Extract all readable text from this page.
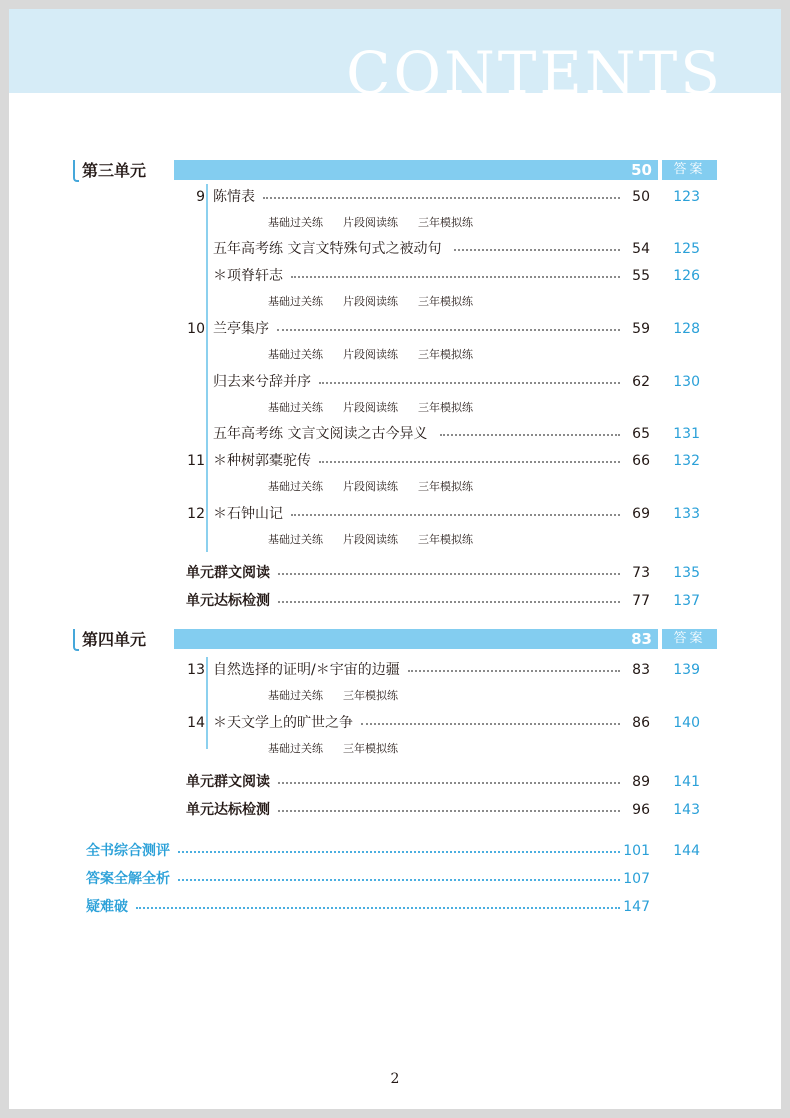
CONTENTS
第三单元	50	答案
9 陈情表	50	123
基础过关练 片段阅读练 三年模拟练
五年高考练 文言文特殊句式之被动句	54	125
＊项脊轩志	55	126
基础过关练 片段阅读练 三年模拟练
10 兰亭集序	59	128
基础过关练 片段阅读练 三年模拟练
归去来兮辞并序	62	130
基础过关练 片段阅读练 三年模拟练
五年高考练 文言文阅读之古今异义	65	131
11 ＊种树郭橐驼传	66	132
基础过关练 片段阅读练 三年模拟练
12 ＊石钟山记	69	133
基础过关练 片段阅读练 三年模拟练
单元群文阅读	73	135
单元达标检测	77	137
第四单元	83	答案
13 自然选择的证明/＊宇宙的边疆	83	139
基础过关练 三年模拟练
14 ＊天文学上的旷世之争	86	140
基础过关练 三年模拟练
单元群文阅读	89	141
单元达标检测	96	143
全书综合测评	101	144
答案全解全析	107
疑难破	147
2
